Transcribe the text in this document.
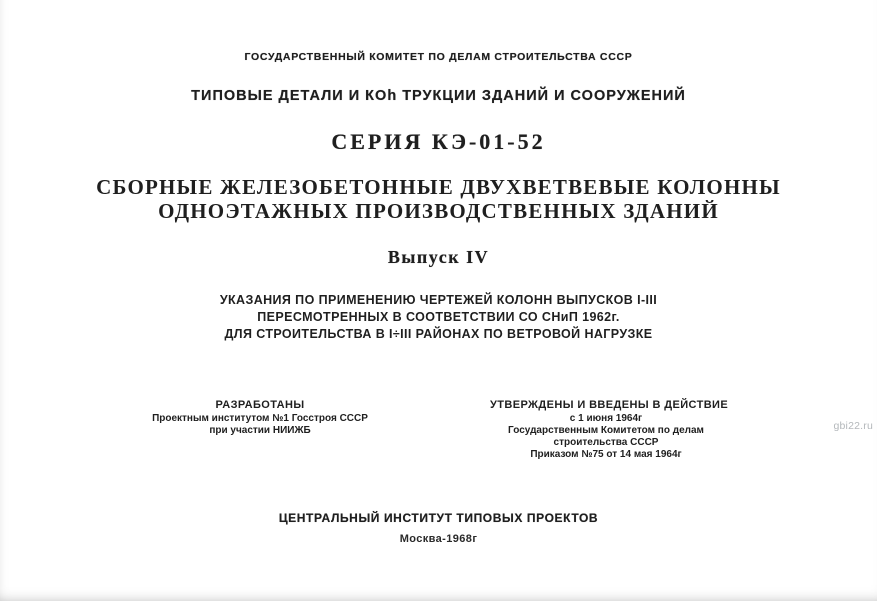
ГОСУДАРСТВЕННЫЙ КОМИТЕТ ПО ДЕЛАМ СТРОИТЕЛЬСТВА СССР
ТИПОВЫЕ ДЕТАЛИ И КОh ТРУКЦИИ ЗДАНИЙ И СООРУЖЕНИЙ
СЕРИЯ КЭ-01-52
СБОРНЫЕ ЖЕЛЕЗОБЕТОННЫЕ ДВУХВЕТВЕВЫЕ КОЛОННЫ
ОДНОЭТАЖНЫХ ПРОИЗВОДСТВЕННЫХ ЗДАНИЙ
Выпуск IV
УКАЗАНИЯ ПО ПРИМЕНЕНИЮ ЧЕРТЕЖЕЙ КОЛОНН ВЫПУСКОВ I-III
ПЕРЕСМОТРЕННЫХ В СООТВЕТСТВИИ СО СНиП 1962г.
ДЛЯ СТРОИТЕЛЬСТВА В I÷III РАЙОНАХ ПО ВЕТРОВОЙ НАГРУЗКЕ
РАЗРАБОТАНЫ
Проектным институтом №1 Госстроя СССР
при участии НИИЖБ
УТВЕРЖДЕНЫ И ВВЕДЕНЫ В ДЕЙСТВИЕ
с 1 июня 1964г
Государственным Комитетом по делам
строительства СССР
Приказом №75 от 14 мая 1964г
ЦЕНТРАЛЬНЫЙ ИНСТИТУТ ТИПОВЫХ ПРОЕКТОВ
Москва-1968г
gbi22.ru
